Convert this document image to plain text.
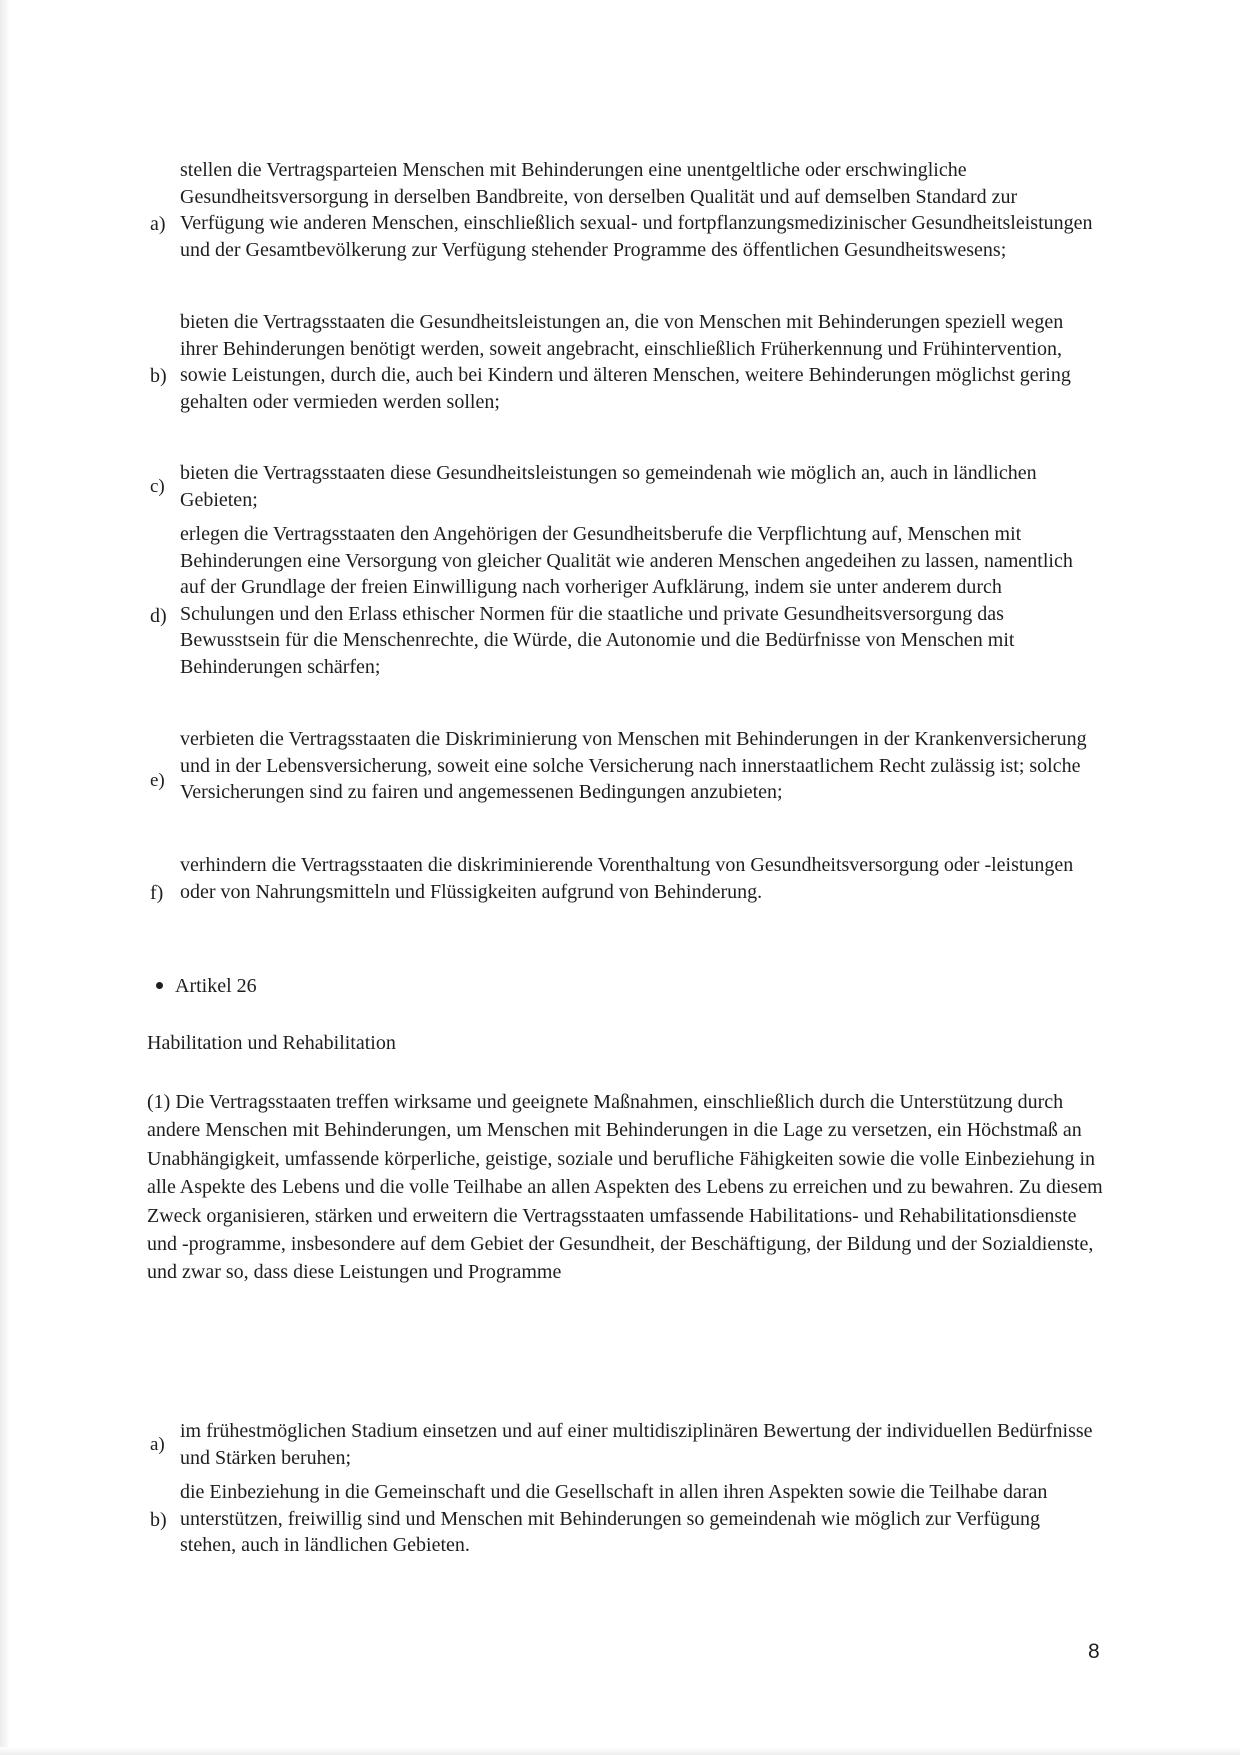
a)
stellen die Vertragsparteien Menschen mit Behinderungen eine unentgeltliche oder erschwingliche Gesundheitsversorgung in derselben Bandbreite, von derselben Qualität und auf demselben Standard zur Verfügung wie anderen Menschen, einschließlich sexual- und fortpflanzungsmedizinischer Gesundheitsleistungen und der Gesamtbevölkerung zur Verfügung stehender Programme des öffentlichen Gesundheitswesens;
b)
bieten die Vertragsstaaten die Gesundheitsleistungen an, die von Menschen mit Behinderungen speziell wegen ihrer Behinderungen benötigt werden, soweit angebracht, einschließlich Früherkennung und Frühintervention, sowie Leistungen, durch die, auch bei Kindern und älteren Menschen, weitere Behinderungen möglichst gering gehalten oder vermieden werden sollen;
c)
bieten die Vertragsstaaten diese Gesundheitsleistungen so gemeindenah wie möglich an, auch in ländlichen Gebieten;
d)
erlegen die Vertragsstaaten den Angehörigen der Gesundheitsberufe die Verpflichtung auf, Menschen mit Behinderungen eine Versorgung von gleicher Qualität wie anderen Menschen angedeihen zu lassen, namentlich auf der Grundlage der freien Einwilligung nach vorheriger Aufklärung, indem sie unter anderem durch Schulungen und den Erlass ethischer Normen für die staatliche und private Gesundheitsversorgung das Bewusstsein für die Menschenrechte, die Würde, die Autonomie und die Bedürfnisse von Menschen mit Behinderungen schärfen;
e)
verbieten die Vertragsstaaten die Diskriminierung von Menschen mit Behinderungen in der Krankenversicherung und in der Lebensversicherung, soweit eine solche Versicherung nach innerstaatlichem Recht zulässig ist; solche Versicherungen sind zu fairen und angemessenen Bedingungen anzubieten;
f)
verhindern die Vertragsstaaten die diskriminierende Vorenthaltung von Gesundheitsversorgung oder -leistungen oder von Nahrungsmitteln und Flüssigkeiten aufgrund von Behinderung.
Artikel 26
Habilitation und Rehabilitation
(1) Die Vertragsstaaten treffen wirksame und geeignete Maßnahmen, einschließlich durch die Unterstützung durch andere Menschen mit Behinderungen, um Menschen mit Behinderungen in die Lage zu versetzen, ein Höchstmaß an Unabhängigkeit, umfassende körperliche, geistige, soziale und berufliche Fähigkeiten sowie die volle Einbeziehung in alle Aspekte des Lebens und die volle Teilhabe an allen Aspekten des Lebens zu erreichen und zu bewahren. Zu diesem Zweck organisieren, stärken und erweitern die Vertragsstaaten umfassende Habilitations- und Rehabilitationsdienste und -programme, insbesondere auf dem Gebiet der Gesundheit, der Beschäftigung, der Bildung und der Sozialdienste, und zwar so, dass diese Leistungen und Programme
a)
im frühestmöglichen Stadium einsetzen und auf einer multidisziplinären Bewertung der individuellen Bedürfnisse und Stärken beruhen;
b)
die Einbeziehung in die Gemeinschaft und die Gesellschaft in allen ihren Aspekten sowie die Teilhabe daran unterstützen, freiwillig sind und Menschen mit Behinderungen so gemeindenah wie möglich zur Verfügung stehen, auch in ländlichen Gebieten.
8
